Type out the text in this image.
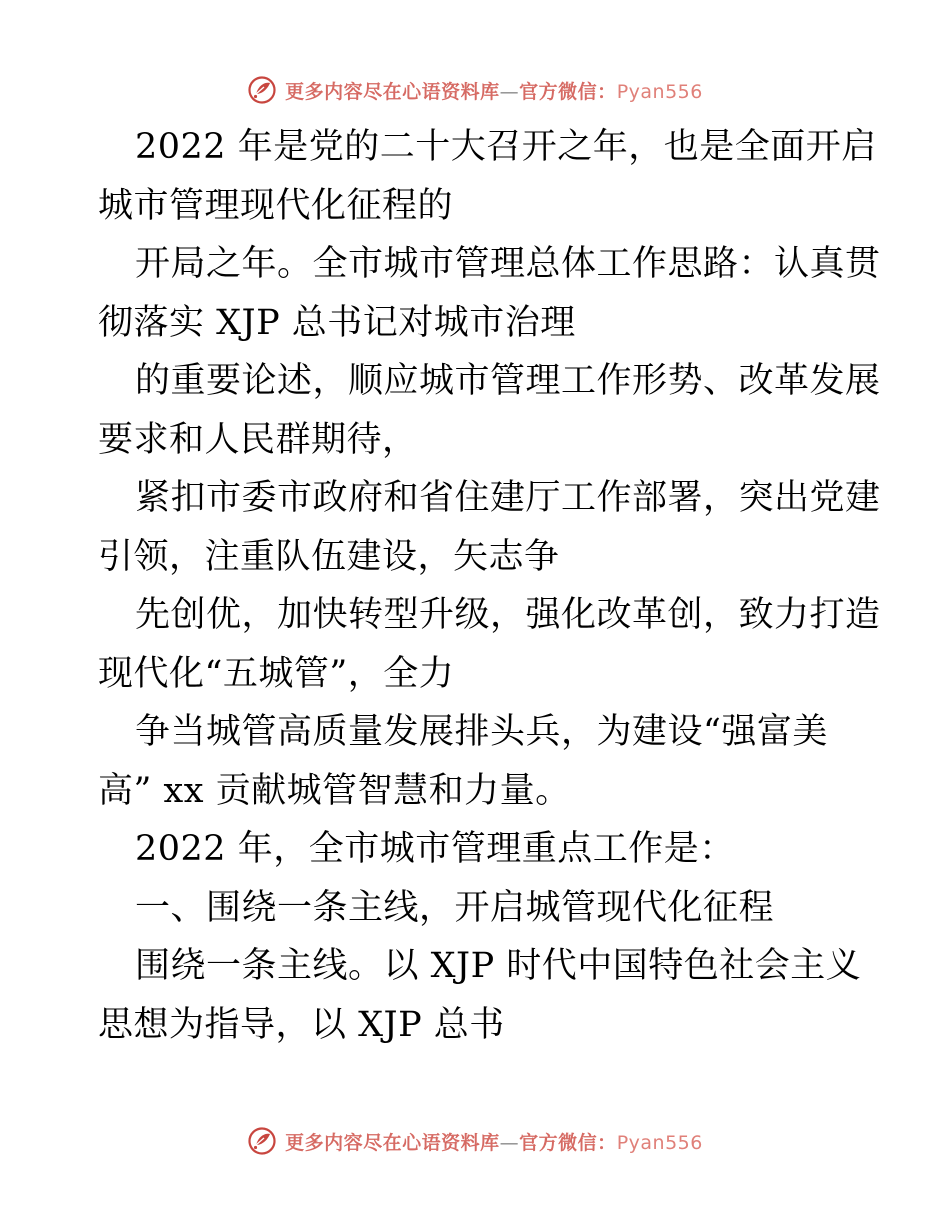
更多内容尽在心语资料库—官方微信：Pyan556
2022 年是党的二十大召开之年，也是全面开启
城市管理现代化征程的
开局之年。全市城市管理总体工作思路：认真贯
彻落实 XJP 总书记对城市治理
的重要论述，顺应城市管理工作形势、改革发展
要求和人民群期待，
紧扣市委市政府和省住建厅工作部署，突出党建
引领，注重队伍建设，矢志争
先创优，加快转型升级，强化改革创，致力打造
现代化“五城管”，全力
争当城管高质量发展排头兵，为建设“强富美
高” xx 贡献城管智慧和力量。
2022 年，全市城市管理重点工作是：
一、围绕一条主线，开启城管现代化征程
围绕一条主线。以 XJP 时代中国特色社会主义
思想为指导，以 XJP 总书
更多内容尽在心语资料库—官方微信：Pyan556
